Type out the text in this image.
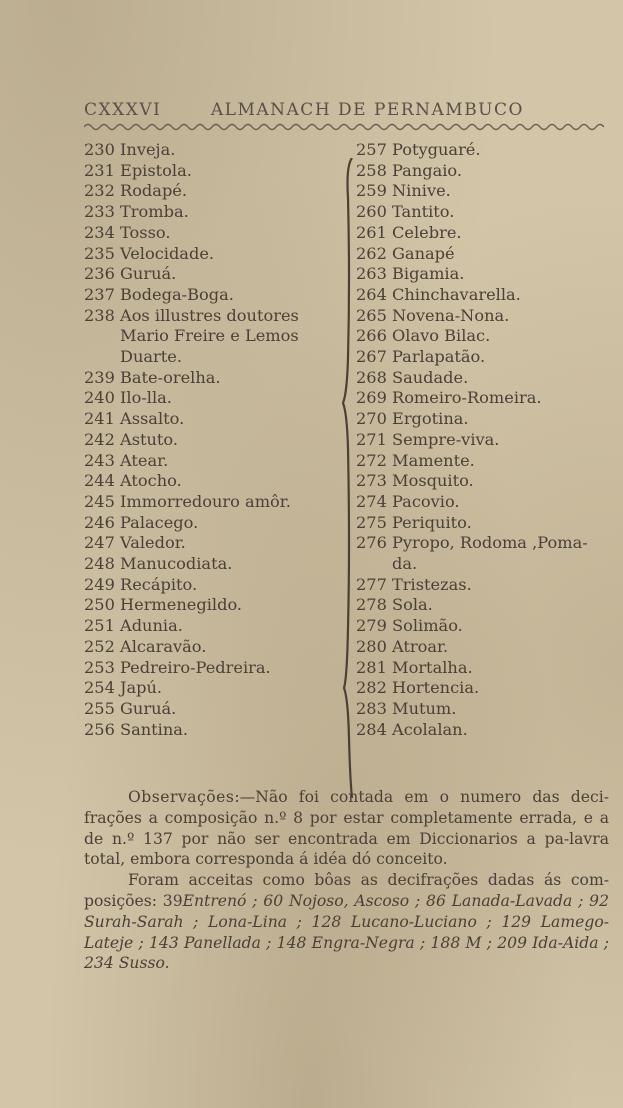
CXXXVI	ALMANACH DE PERNAMBUCO
230 Inveja.
231 Epistola.
232 Rodapé.
233 Tromba.
234 Tosso.
235 Velocidade.
236 Guruá.
237 Bodega-Boga.
238 Aos illustres doutores
Mario Freire e Lemos
Duarte.
239 Bate-orelha.
240 Ilo-lla.
241 Assalto.
242 Astuto.
243 Atear.
244 Atocho.
245 Immorredouro amôr.
246 Palacego.
247 Valedor.
248 Manucodiata.
249 Recápito.
250 Hermenegildo.
251 Adunia.
252 Alcaravão.
253 Pedreiro-Pedreira.
254 Japú.
255 Guruá.
256 Santina.
257 Potyguaré.
258 Pangaio.
259 Ninive.
260 Tantito.
261 Celebre.
262 Ganapé
263 Bigamia.
264 Chinchavarella.
265 Novena-Nona.
266 Olavo Bilac.
267 Parlapatão.
268 Saudade.
269 Romeiro-Romeira.
270 Ergotina.
271 Sempre-viva.
272 Mamente.
273 Mosquito.
274 Pacovio.
275 Periquito.
276 Pyropo, Rodoma ,Poma-
da.
277 Tristezas.
278 Sola.
279 Solimão.
280 Atroar.
281 Mortalha.
282 Hortencia.
283 Mutum.
284 Acolalan.

Observações:—Não foi contada em o numero das deci-frações a composição n.º 8 por estar completamente errada, e a de n.º 137 por não ser encontrada em Diccionarios a pa-lavra total, embora corresponda á idéa dó conceito.

Foram acceitas como bôas as decifrações dadas ás com-posições: 39Entrenó ; 60 Nojoso, Ascoso ; 86 Lanada-Lavada ; 92 Surah-Sarah ; Lona-Lina ; 128 Lucano-Luciano ; 129 Lamego-Lateje ; 143 Panellada ; 148 Engra-Negra ; 188 M ; 209 Ida-Aida ; 234 Susso.
